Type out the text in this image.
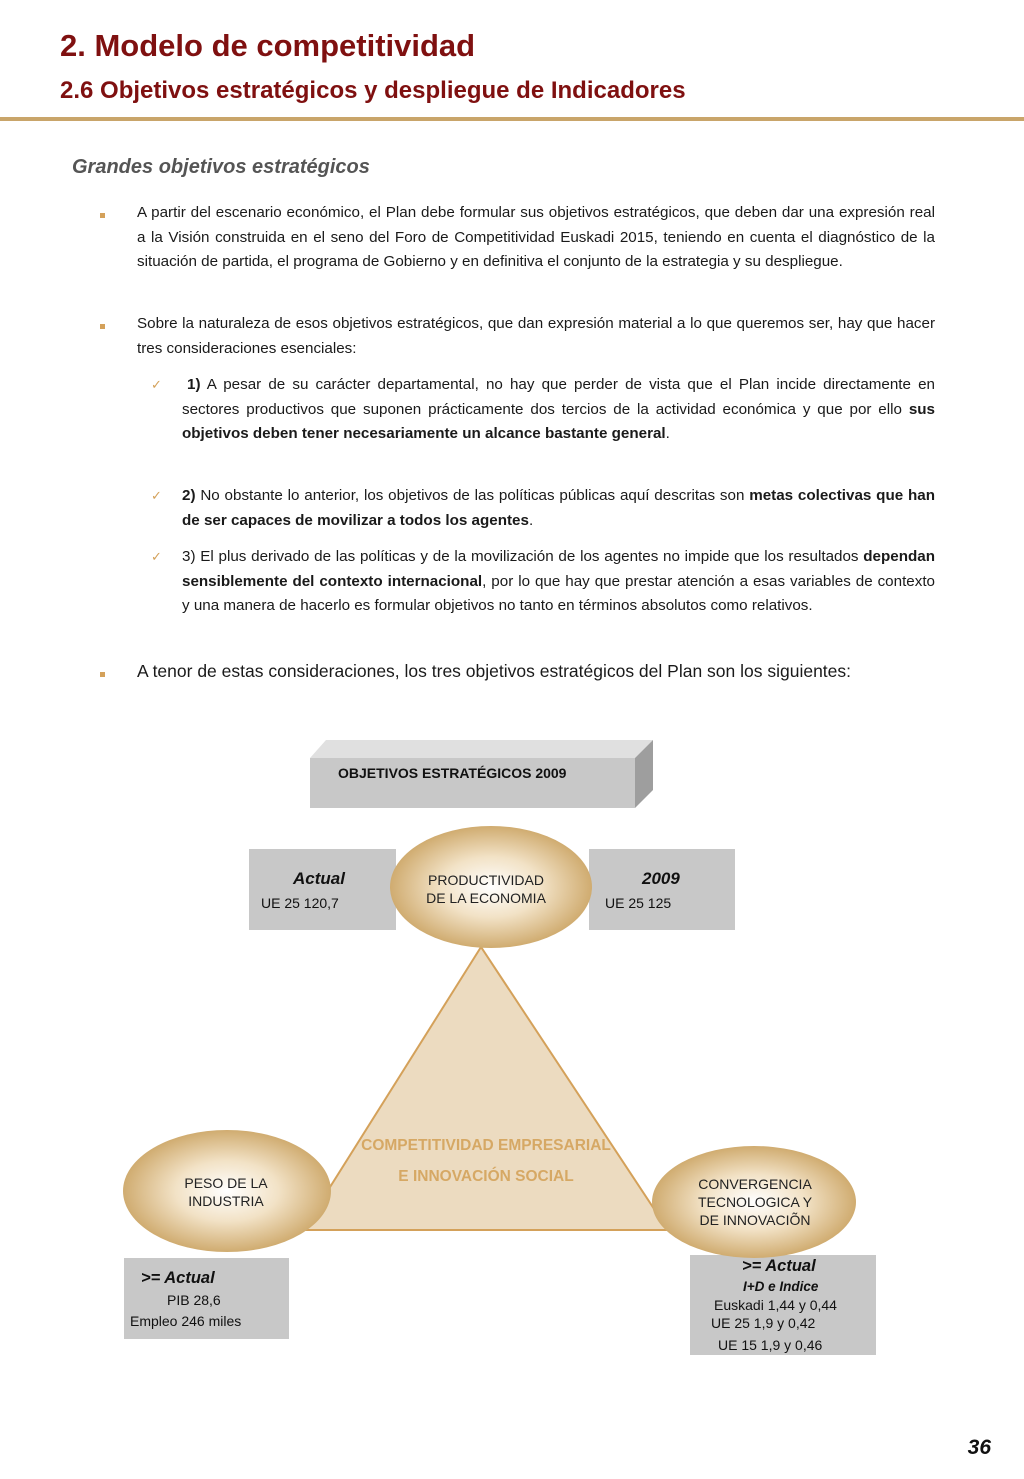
2. Modelo de competitividad
2.6 Objetivos estratégicos y despliegue de Indicadores
Grandes objetivos estratégicos
A partir del escenario económico, el Plan debe formular sus objetivos estratégicos, que deben dar una expresión real a la Visión construida en el seno del Foro de Competitividad Euskadi 2015, teniendo en cuenta el diagnóstico de la situación de partida, el programa de Gobierno y en definitiva el conjunto de la estrategia y su despliegue.
Sobre la naturaleza de esos objetivos estratégicos, que dan expresión material a lo que queremos ser, hay que hacer tres consideraciones esenciales:
✓	1) A pesar de su carácter departamental, no hay que perder de vista que el Plan incide directamente en sectores productivos que suponen prácticamente dos tercios de la actividad económica y que por ello sus objetivos deben tener necesariamente un alcance bastante general.
✓ 2) No obstante lo anterior, los objetivos de las políticas públicas aquí descritas son metas colectivas que han de ser capaces de movilizar a todos los agentes.
✓ 3) El plus derivado de las políticas y de la movilización de los agentes no impide que los resultados dependan sensiblemente del contexto internacional, por lo que hay que prestar atención a esas variables de contexto y una manera de hacerlo es formular objetivos no tanto en términos absolutos como relativos.
A tenor de estas consideraciones, los tres objetivos estratégicos del Plan son los siguientes:
OBJETIVOS ESTRATÉGICOS 2009
PRODUCTIVIDAD
DE LA ECONOMIA
PESO DE LA
INDUSTRIA
CONVERGENCIA
TECNOLOGICA Y
DE INNOVACIÕN
COMPETITIVIDAD EMPRESARIAL
E INNOVACIÓN SOCIAL
Actual
UE 25 120,7
2009
UE 25 125
>= Actual
PIB 28,6
Empleo 246 miles
>= Actual
I+D e Indice
Euskadi 1,44 y 0,44
UE 25 1,9 y 0,42
UE 15 1,9 y 0,46
36
